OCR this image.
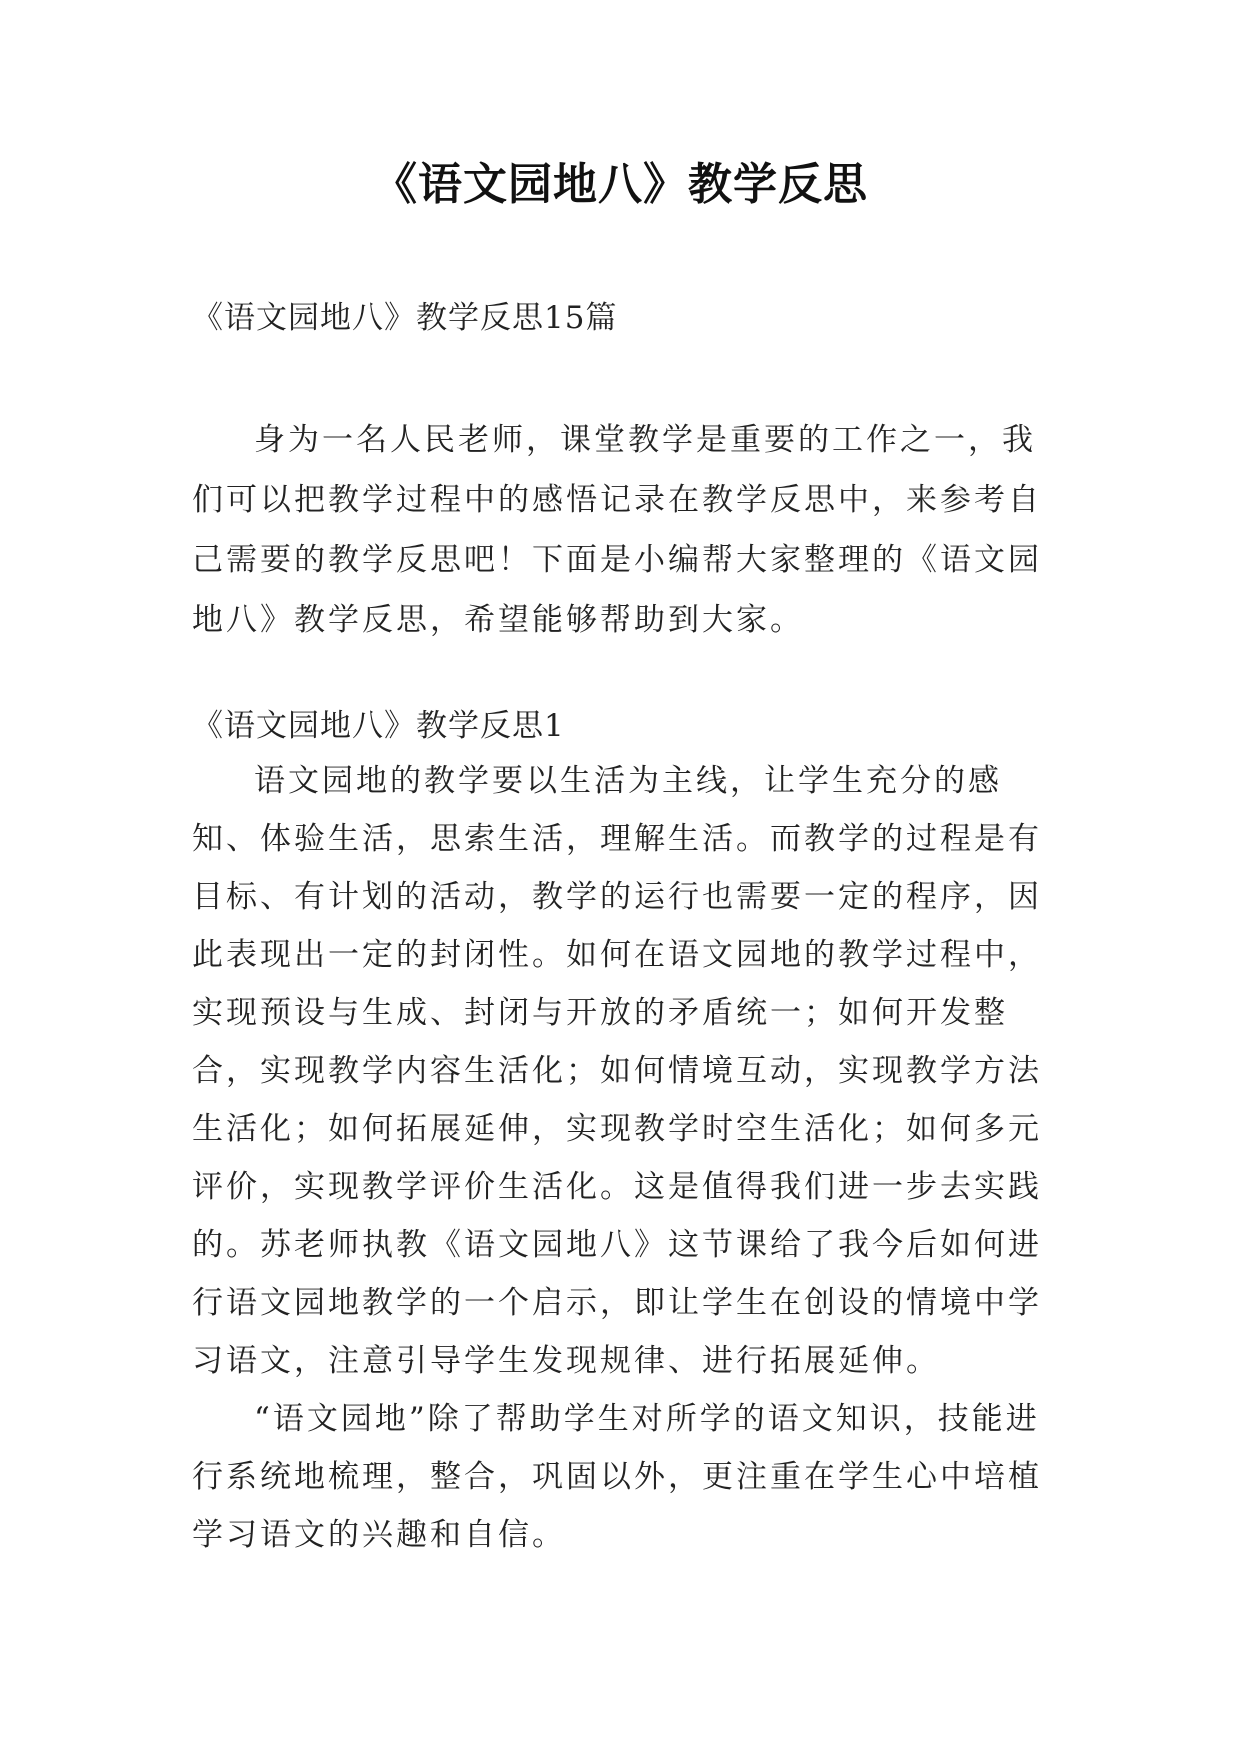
《语文园地八》教学反思

《语文园地八》教学反思15篇

身为一名人民老师，课堂教学是重要的工作之一，我们可以把教学过程中的感悟记录在教学反思中，来参考自己需要的教学反思吧！下面是小编帮大家整理的《语文园地八》教学反思，希望能够帮助到大家。

《语文园地八》教学反思1

语文园地的教学要以生活为主线，让学生充分的感知、体验生活，思索生活，理解生活。而教学的过程是有目标、有计划的活动，教学的运行也需要一定的程序，因此表现出一定的封闭性。如何在语文园地的教学过程中，实现预设与生成、封闭与开放的矛盾统一；如何开发整合，实现教学内容生活化；如何情境互动，实现教学方法生活化；如何拓展延伸，实现教学时空生活化；如何多元评价，实现教学评价生活化。这是值得我们进一步去实践的。苏老师执教《语文园地八》这节课给了我今后如何进行语文园地教学的一个启示，即让学生在创设的情境中学习语文，注意引导学生发现规律、进行拓展延伸。

“语文园地”除了帮助学生对所学的语文知识，技能进行系统地梳理，整合，巩固以外，更注重在学生心中培植学习语文的兴趣和自信。
